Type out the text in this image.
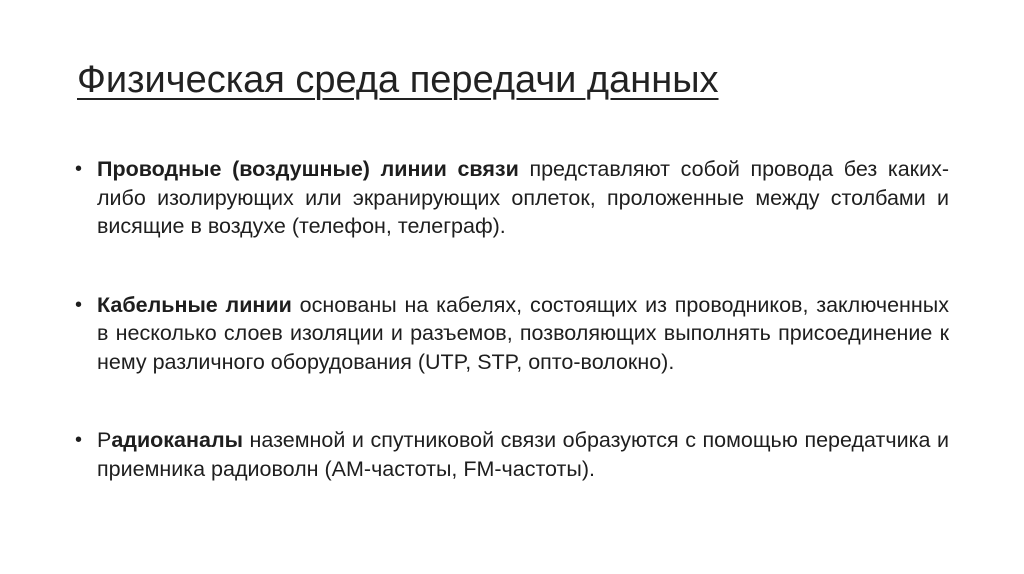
Физическая среда передачи данных
• Проводные (воздушные) линии связи представляют собой провода без каких-либо изолирующих или экранирующих оплеток, проложенные между столбами и висящие в воздухе (телефон, телеграф).
• Кабельные линии основаны на кабелях, состоящих из проводников, заключенных в несколько слоев изоляции и разъемов, позволяющих выполнять присоединение к нему различного оборудования (UTP, STP, опто-волокно).
• Радиоканалы наземной и спутниковой связи образуются с помощью передатчика и приемника радиоволн (AM-частоты, FM-частоты).
